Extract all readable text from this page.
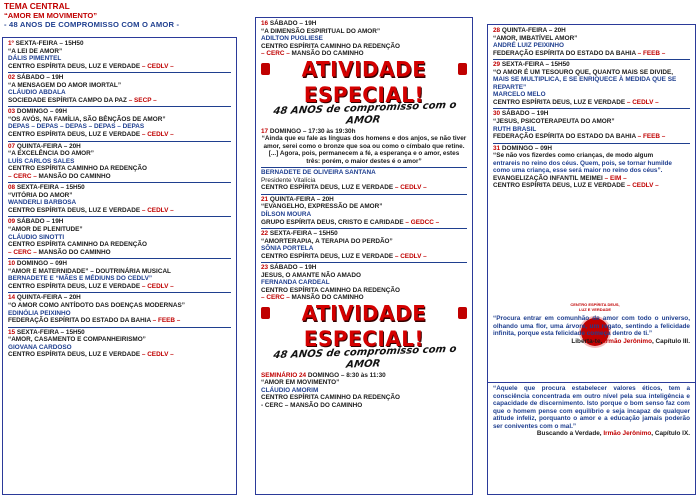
TEMA CENTRAL
“AMOR EM MOVIMENTO”
- 48 ANOS DE COMPROMISSO COM O AMOR -
1º SEXTA-FEIRA – 15H50
“A LEI DE AMOR”
DÁLIS PIMENTEL
CENTRO ESPÍRITA DEUS, LUZ E VERDADE – CEDLV –
02 SÁBADO – 19H
“A MENSAGEM DO AMOR IMORTAL”
CLÁUDIO ABDALA
SOCIEDADE ESPÍRITA CAMPO DA PAZ – SECP –
03 DOMINGO – 09H
“OS AVÓS, NA FAMÍLIA, SÃO BÊNÇÃOS DE AMOR”
DEPAS – DEPAS – DEPAS – DEPAS – DEPAS
CENTRO ESPÍRITA DEUS, LUZ E VERDADE – CEDLV –
07 QUINTA-FEIRA – 20H
“A EXCELÊNCIA DO AMOR”
LUÍS CARLOS SALES
CENTRO ESPÍRITA CAMINHO DA REDENÇÃO
– CERC – MANSÃO DO CAMINHO
08 SEXTA-FEIRA – 15H50
“VITÓRIA DO AMOR”
WANDERLI BARBOSA
CENTRO ESPÍRITA DEUS, LUZ E VERDADE – CEDLV –
09 SÁBADO – 19H
“AMOR DE PLENITUDE”
CLÁUDIO SINOTTI
CENTRO ESPÍRITA CAMINHO DA REDENÇÃO
– CERC – MANSÃO DO CAMINHO
10 DOMINGO – 09H
“AMOR E MATERNIDADE” – DOUTRINÁRIA MUSICAL
BERNADETE E “MÃES E MÉDIUNS DO CEDLV”
CENTRO ESPÍRITA DEUS, LUZ E VERDADE – CEDLV –
14 QUINTA-FEIRA – 20H
“O AMOR COMO ANTÍDOTO DAS DOENÇAS MODERNAS”
EDINÓLIA PEIXINHO
FEDERAÇÃO ESPÍRITA DO ESTADO DA BAHIA – FEEB –
15 SEXTA-FEIRA – 15H50
“AMOR, CASAMENTO E COMPANHEIRISMO”
GIOVANA CARDOSO
CENTRO ESPÍRITA DEUS, LUZ E VERDADE – CEDLV –
16 SÁBADO – 19H
“A DIMENSÃO ESPIRITUAL DO AMOR”
ADILTON PUGLIESE
CENTRO ESPÍRITA CAMINHO DA REDENÇÃO
– CERC – MANSÃO DO CAMINHO
ATIVIDADE ESPECIAL!
48 ANOS de compromisso com o AMOR
17 DOMINGO – 17:30 às 19:30h
“Ainda que eu fale as línguas dos homens e dos anjos, se não tiver amor, serei como o bronze que soa ou como o címbalo que retine. [...] Agora, pois, permanecem a fé, a esperança e o amor, estes três: porém, o maior destes é o amor”
BERNADETE DE OLIVEIRA SANTANA
Presidente Vitalícia
CENTRO ESPÍRITA DEUS, LUZ E VERDADE – CEDLV –
21 QUINTA-FEIRA – 20H
“EVANGELHO, EXPRESSÃO DE AMOR”
DÍLSON MOURA
GRUPO ESPÍRITA DEUS, CRISTO E CARIDADE – GEDCC –
22 SEXTA-FEIRA – 15H50
“AMORTERAPIA, A TERAPIA DO PERDÃO”
SÔNIA PORTELA
CENTRO ESPÍRITA DEUS, LUZ E VERDADE – CEDLV –
23 SÁBADO – 19H
JESUS, O AMANTE NÃO AMADO
FERNANDA CARDEAL
CENTRO ESPÍRITA CAMINHO DA REDENÇÃO
– CERC – MANSÃO DO CAMINHO
ATIVIDADE ESPECIAL!
48 ANOS de compromisso com o AMOR
SEMINÁRIO 24 DOMINGO – 8:30 às 11:30
“AMOR EM MOVIMENTO”
CLÁUDIO AMORIM
CENTRO ESPÍRITA CAMINHO DA REDENÇÃO
- CERC – MANSÃO DO CAMINHO
28 QUINTA-FEIRA – 20H
“AMOR, IMBATÍVEL AMOR”
ANDRÉ LUIZ PEIXINHO
FEDERAÇÃO ESPÍRITA DO ESTADO DA BAHIA – FEEB –
29 SEXTA-FEIRA – 15H50
“O AMOR É UM TESOURO QUE, QUANTO MAIS SE DIVIDE,
MAIS SE MULTIPLICA, E SE ENRIQUECE À MEDIDA QUE SE
REPARTE”
MARCELO MELO
CENTRO ESPÍRITA DEUS, LUZ E VERDADE – CEDLV –
30 SÁBADO – 19H
“JESUS, PSICOTERAPEUTA DO AMOR”
RUTH BRASIL
FEDERAÇÃO ESPÍRITA DO ESTADO DA BAHIA – FEEB –
31 DOMINGO – 09H
“Se não vos fizerdes como crianças, de modo algum
entrareis no reino dos céus. Quem, pois, se tornar humilde
como uma criança, esse será maior no reino dos céus”.
EVANGELIZAÇÃO INFANTIL MEIMEI – EIM –
CENTRO ESPÍRITA DEUS, LUZ E VERDADE – CEDLV –
CENTRO ESPÍRITA DEUS, LUZ E VERDADE
“Procura entrar em comunhão de amor com todo o universo, olhando uma flor, uma árvore, um regato, sentindo a felicidade infinita, porque esta felicidade começa dentro de ti.”
Liberta-te, Irmão Jerônimo, Capítulo III.
“Aquele que procura estabelecer valores éticos, tem a consciência concentrada em outro nível pela sua inteligência e capacidade de discernimento. Isto porque o bom senso faz com que o homem pense com equilíbrio e seja incapaz de qualquer atitude infeliz, porquanto o amor e a educação jamais poderão ser coniventes com o mal.”
Buscando a Verdade, Irmão Jerônimo, Capítulo IX.
